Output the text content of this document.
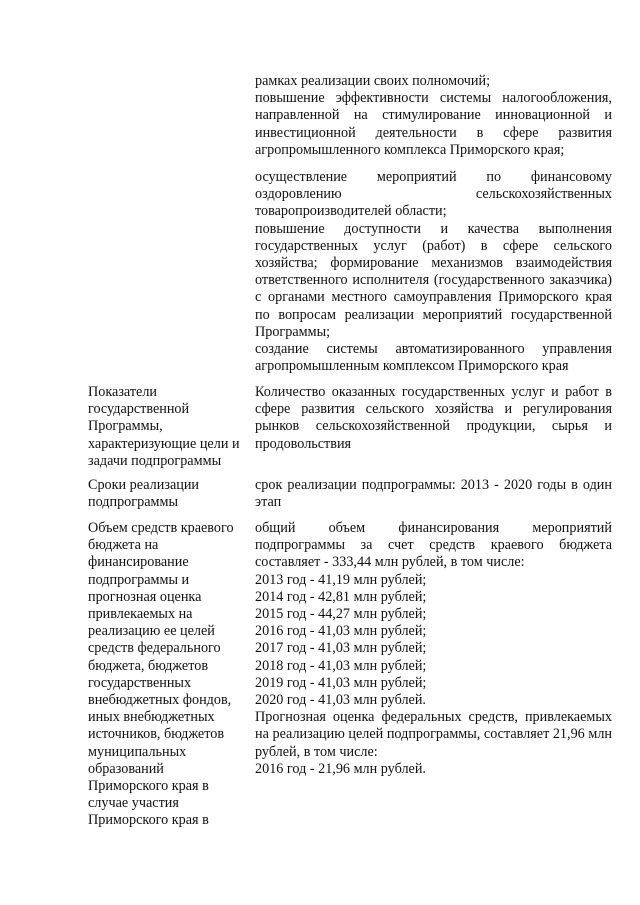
рамках реализации своих полномочий;
повышение эффективности системы налогообложения, направленной на стимулирование инновационной и инвестиционной деятельности в сфере развития агропромышленного комплекса Приморского края;
осуществление мероприятий по финансовому оздоровлению сельскохозяйственных товаропроизводителей области;
повышение доступности и качества выполнения государственных услуг (работ) в сфере сельского хозяйства; формирование механизмов взаимодействия ответственного исполнителя (государственного заказчика) с органами местного самоуправления Приморского края по вопросам реализации мероприятий государственной Программы;
создание системы автоматизированного управления агропромышленным комплексом Приморского края
Показатели
государственной
Программы,
характеризующие цели и
задачи подпрограммы
Количество оказанных государственных услуг и работ в сфере развития сельского хозяйства и регулирования рынков сельскохозяйственной продукции, сырья и продовольствия
Сроки реализации
подпрограммы
срок реализации подпрограммы: 2013 - 2020 годы в один этап
Объем средств краевого
бюджета на
финансирование
подпрограммы и
прогнозная оценка
привлекаемых на
реализацию ее целей
средств федерального
бюджета, бюджетов
государственных
внебюджетных фондов,
иных внебюджетных
источников, бюджетов
муниципальных
образований
Приморского края в
случае участия
Приморского края в
общий объем финансирования мероприятий подпрограммы за счет средств краевого бюджета составляет - 333,44 млн рублей, в том числе:
2013 год - 41,19 млн рублей;
2014 год - 42,81 млн рублей;
2015 год - 44,27 млн рублей;
2016 год - 41,03 млн рублей;
2017 год - 41,03 млн рублей;
2018 год - 41,03 млн рублей;
2019 год - 41,03 млн рублей;
2020 год - 41,03 млн рублей.
Прогнозная оценка федеральных средств, привлекаемых на реализацию целей подпрограммы, составляет 21,96 млн рублей, в том числе:
2016 год - 21,96 млн рублей.
